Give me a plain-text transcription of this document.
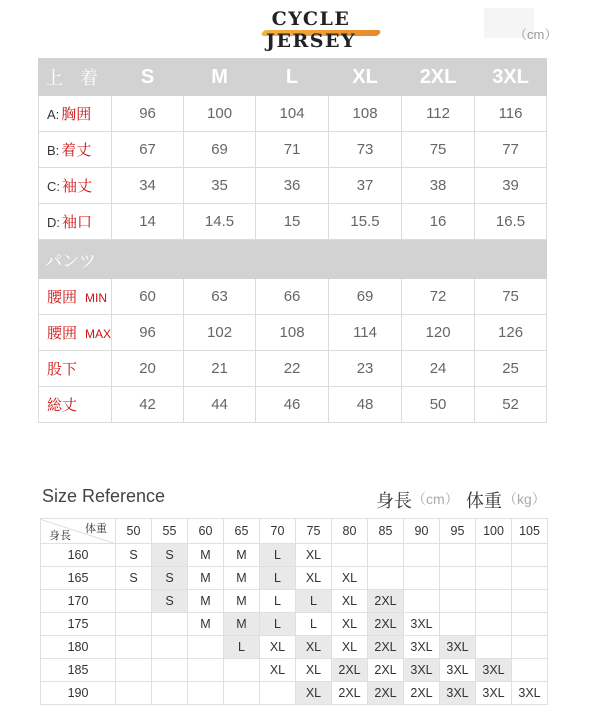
CYCLE JERSEY	（cm）
上 着	S	M	L	XL	2XL	3XL
A: 胸囲	96	100	104	108	112	116
B: 着丈	67	69	71	73	75	77
C: 袖丈	34	35	36	37	38	39
D: 袖口	14	14.5	15	15.5	16	16.5
パンツ						
腰囲 MIN	60	63	66	69	72	75
腰囲 MAX	96	102	108	114	120	126
股下	20	21	22	23	24	25
総丈	42	44	46	48	50	52
Size Reference	身長 （cm） 体重 （kg）
体重
身長	50	55	60	65	70	75	80	85	90	95	100	105
160	S	S	M	M	L	XL						
165	S	S	M	M	L	XL	XL					
170		S	M	M	L	L	XL	2XL				
175			M	M	L	L	XL	2XL	3XL			
180				L	XL	XL	XL	2XL	3XL	3XL		
185					XL	XL	2XL	2XL	3XL	3XL	3XL	
190						XL	2XL	2XL	2XL	3XL	3XL	3XL
